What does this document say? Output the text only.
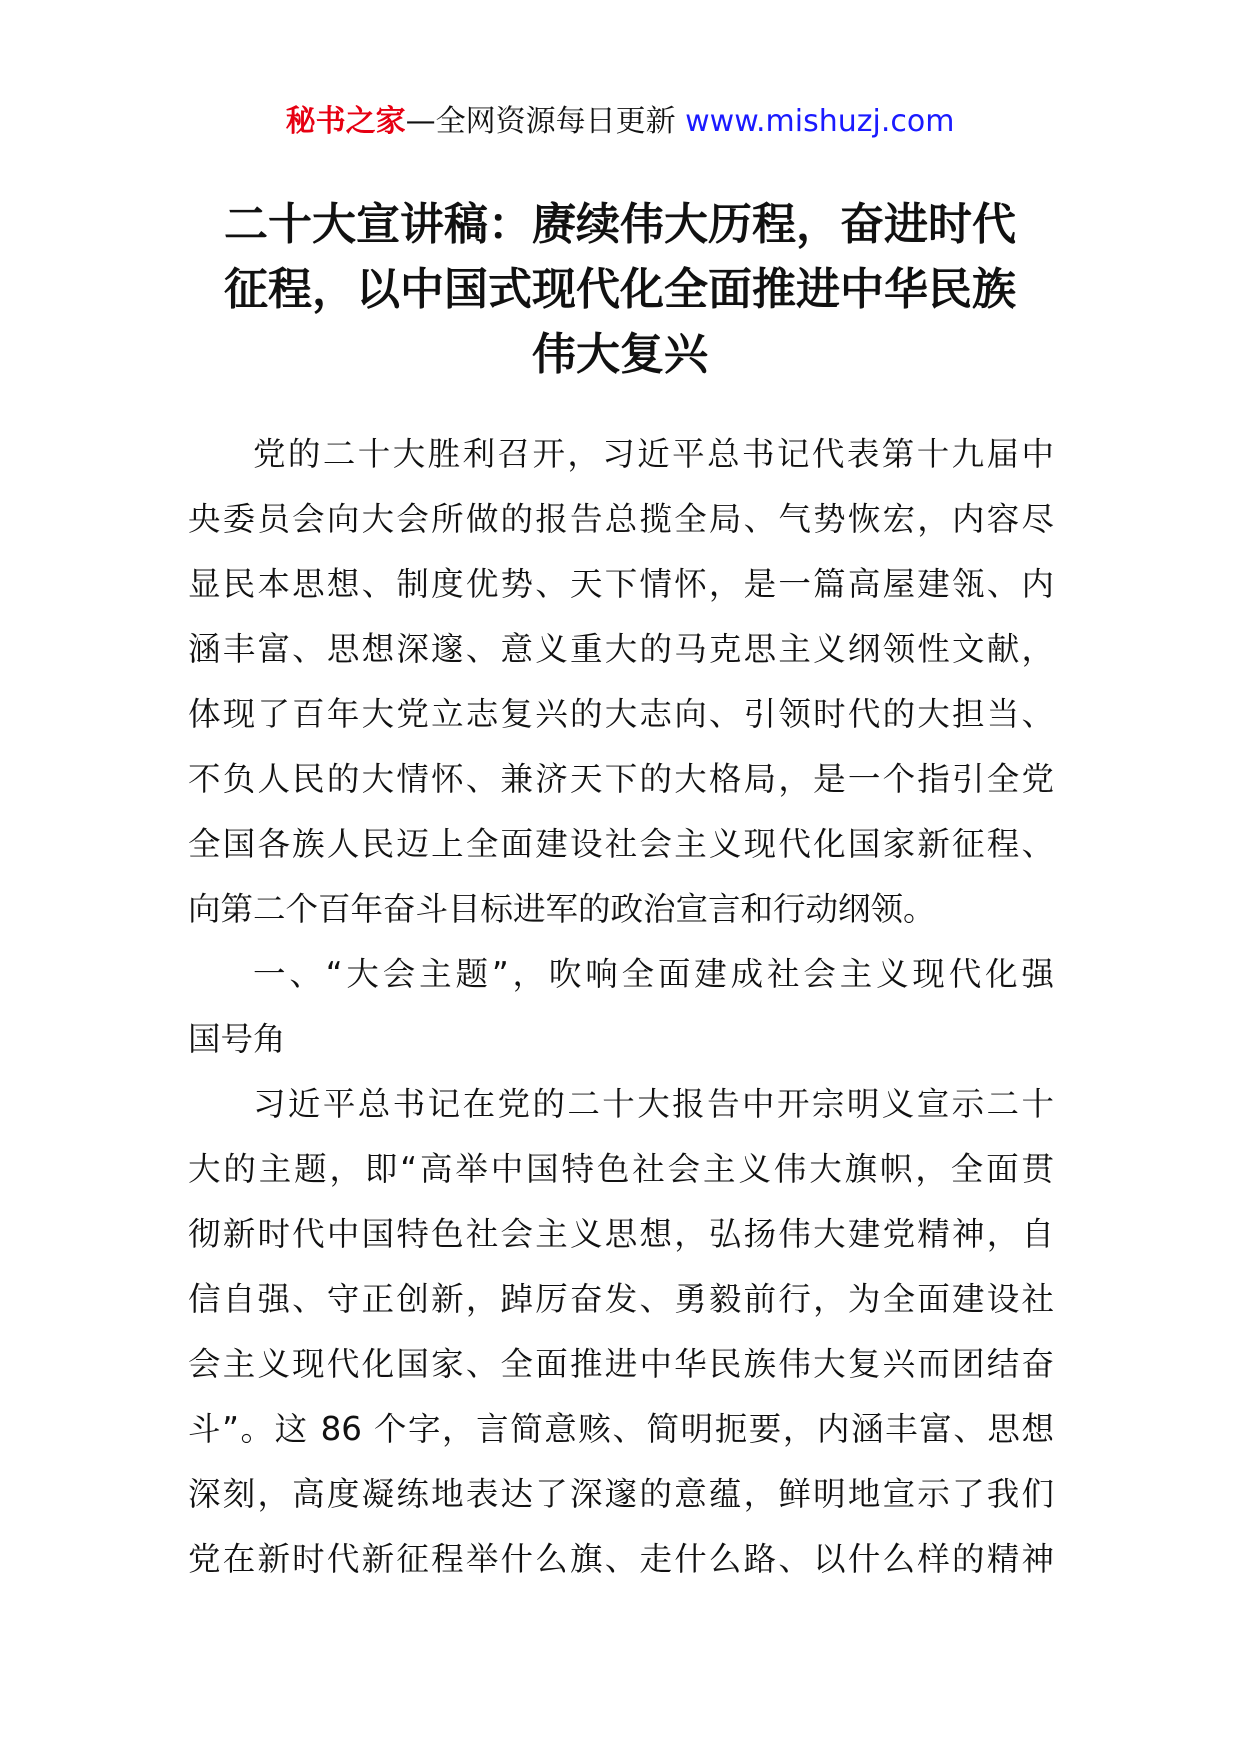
秘书之家—全网资源每日更新 www.mishuzj.com
二十大宣讲稿：赓续伟大历程，奋进时代
征程，以中国式现代化全面推进中华民族
伟大复兴
党的二十大胜利召开，习近平总书记代表第十九届中
央委员会向大会所做的报告总揽全局、气势恢宏，内容尽
显民本思想、制度优势、天下情怀，是一篇高屋建瓴、内
涵丰富、思想深邃、意义重大的马克思主义纲领性文献，
体现了百年大党立志复兴的大志向、引领时代的大担当、
不负人民的大情怀、兼济天下的大格局，是一个指引全党
全国各族人民迈上全面建设社会主义现代化国家新征程、
向第二个百年奋斗目标进军的政治宣言和行动纲领。
一、“大会主题”，吹响全面建成社会主义现代化强
国号角
习近平总书记在党的二十大报告中开宗明义宣示二十
大的主题，即“高举中国特色社会主义伟大旗帜，全面贯
彻新时代中国特色社会主义思想，弘扬伟大建党精神，自
信自强、守正创新，踔厉奋发、勇毅前行，为全面建设社
会主义现代化国家、全面推进中华民族伟大复兴而团结奋
斗”。这 86 个字，言简意赅、简明扼要，内涵丰富、思想
深刻，高度凝练地表达了深邃的意蕴，鲜明地宣示了我们
党在新时代新征程举什么旗、走什么路、以什么样的精神
